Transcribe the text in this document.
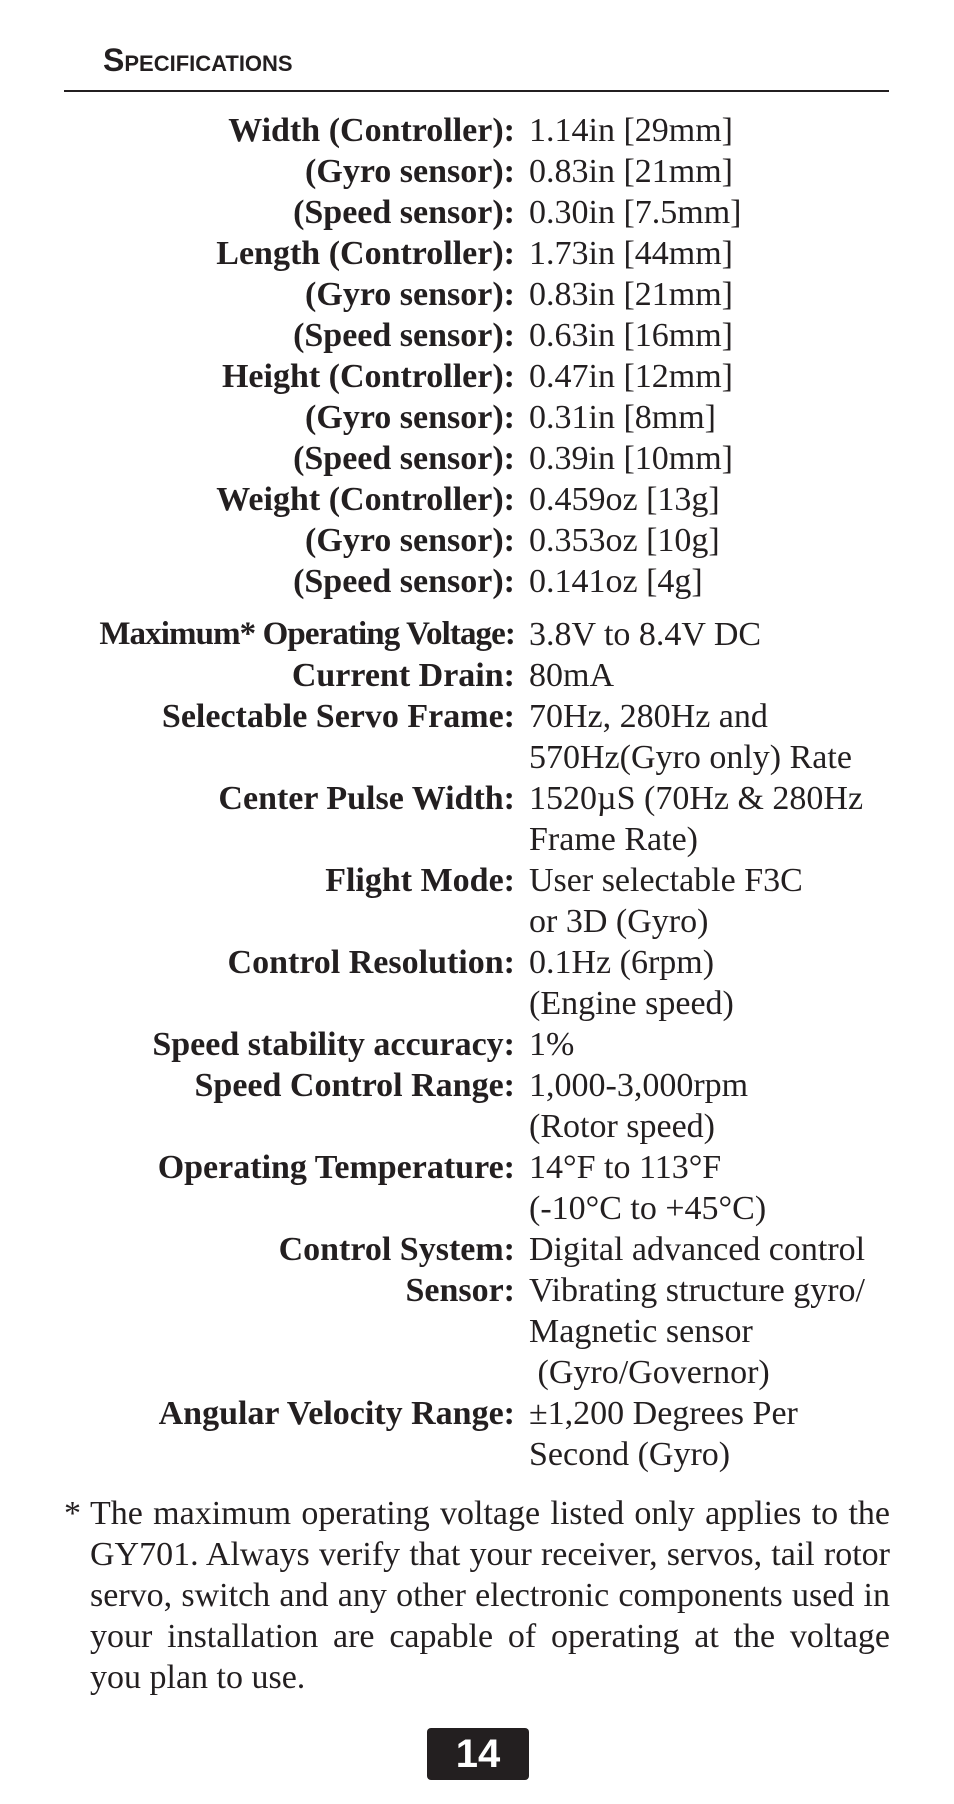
Specifications
Width (Controller): 1.14in [29mm]
(Gyro sensor): 0.83in [21mm]
(Speed sensor): 0.30in [7.5mm]
Length (Controller): 1.73in [44mm]
(Gyro sensor): 0.83in [21mm]
(Speed sensor): 0.63in [16mm]
Height (Controller): 0.47in [12mm]
(Gyro sensor): 0.31in [8mm]
(Speed sensor): 0.39in [10mm]
Weight (Controller): 0.459oz [13g]
(Gyro sensor): 0.353oz [10g]
(Speed sensor): 0.141oz [4g]
Maximum* Operating Voltage: 3.8V to 8.4V DC
Current Drain: 80mA
Selectable Servo Frame: 70Hz, 280Hz and
570Hz(Gyro only) Rate
Center Pulse Width: 1520µS (70Hz & 280Hz
Frame Rate)
Flight Mode: User selectable F3C
or 3D (Gyro)
Control Resolution: 0.1Hz (6rpm)
(Engine speed)
Speed stability accuracy: 1%
Speed Control Range: 1,000-3,000rpm
(Rotor speed)
Operating Temperature: 14°F to 113°F
(-10°C to +45°C)
Control System: Digital advanced control
Sensor: Vibrating structure gyro/
Magnetic sensor
(Gyro/Governor)
Angular Velocity Range: ±1,200 Degrees Per
Second (Gyro)
* The maximum operating voltage listed only applies to the GY701. Always verify that your receiver, servos, tail rotor servo, switch and any other electronic components used in your installation are capable of operating at the voltage you plan to use.
14
